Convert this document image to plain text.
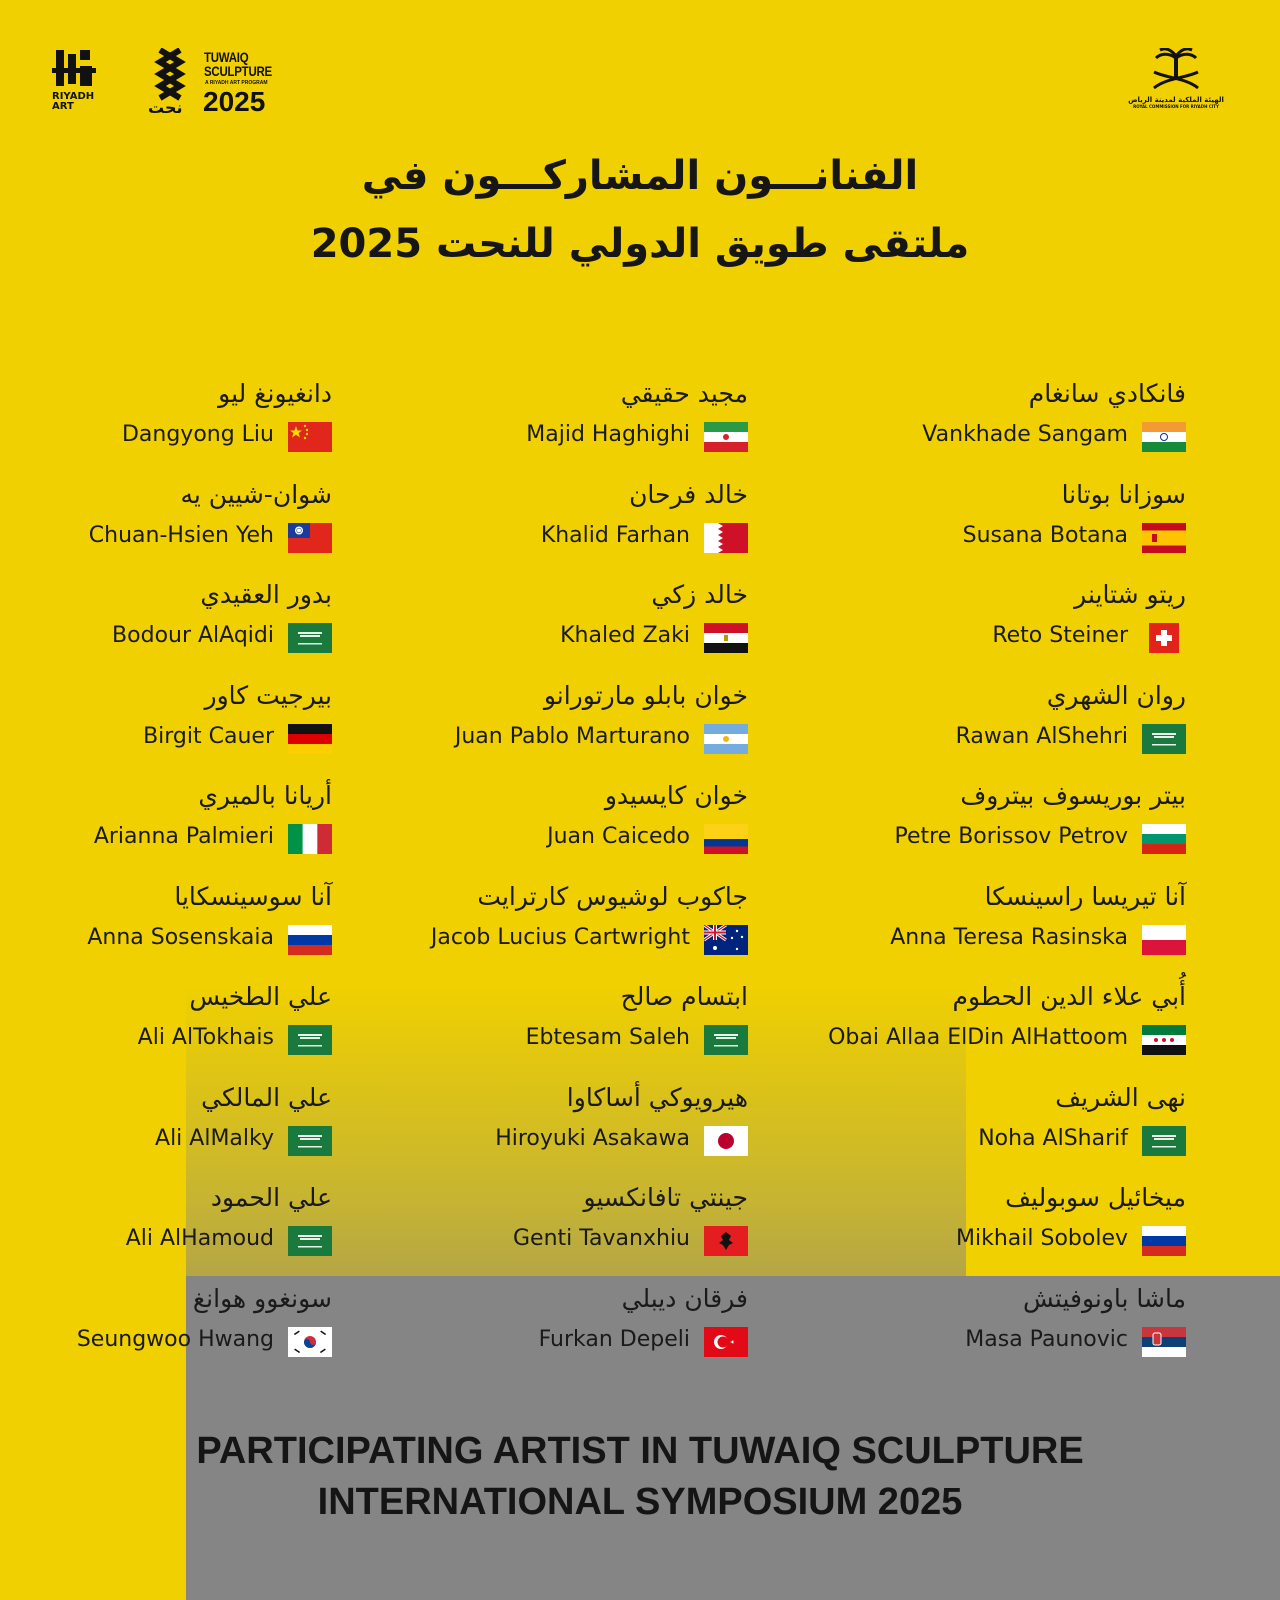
RIYADH
ART	نحت
TUWAIQ
SCULPTURE
A RIYADH ART PROGRAM
2025	الهيئة الملكية لمدينة الرياض
ROYAL COMMISSION FOR RIYADH CITY
الفنانـــون المشاركـــون في
ملتقى طويق الدولي للنحت 2025
فانكادي سانغام
Vankhade Sangam
مجيد حقيقي
Majid Haghighi
دانغيونغ ليو
Dangyong Liu
سوزانا بوتانا
Susana Botana
خالد فرحان
Khalid Farhan
شوان-شيين يه
Chuan-Hsien Yeh
ريتو شتاينر
Reto Steiner
خالد زكي
Khaled Zaki
بدور العقيدي
Bodour AlAqidi
روان الشهري
Rawan AlShehri
خوان بابلو مارتورانو
Juan Pablo Marturano
بيرجيت كاور
Birgit Cauer
بيتر بوريسوف بيتروف
Petre Borissov Petrov
خوان كايسيدو
Juan Caicedo
أريانا بالميري
Arianna Palmieri
آنا تيريسا راسينسكا
Anna Teresa Rasinska
جاكوب لوشيوس كارترايت
Jacob Lucius Cartwright
آنا سوسينسكايا
Anna Sosenskaia
أُبي علاء الدين الحطوم
Obai Allaa ElDin AlHattoom
ابتسام صالح
Ebtesam Saleh
علي الطخيس
Ali AlTokhais
نهى الشريف
Noha AlSharif
هيرويوكي أساكاوا
Hiroyuki Asakawa
علي المالكي
Ali AlMalky
ميخائيل سوبوليف
Mikhail Sobolev
جينتي تافانكسيو
Genti Tavanxhiu
علي الحمود
Ali AlHamoud
ماشا باونوفيتش
Masa Paunovic
فرقان ديبلي
Furkan Depeli
سونغوو هوانغ
Seungwoo Hwang
PARTICIPATING ARTIST IN TUWAIQ SCULPTURE
INTERNATIONAL SYMPOSIUM 2025
